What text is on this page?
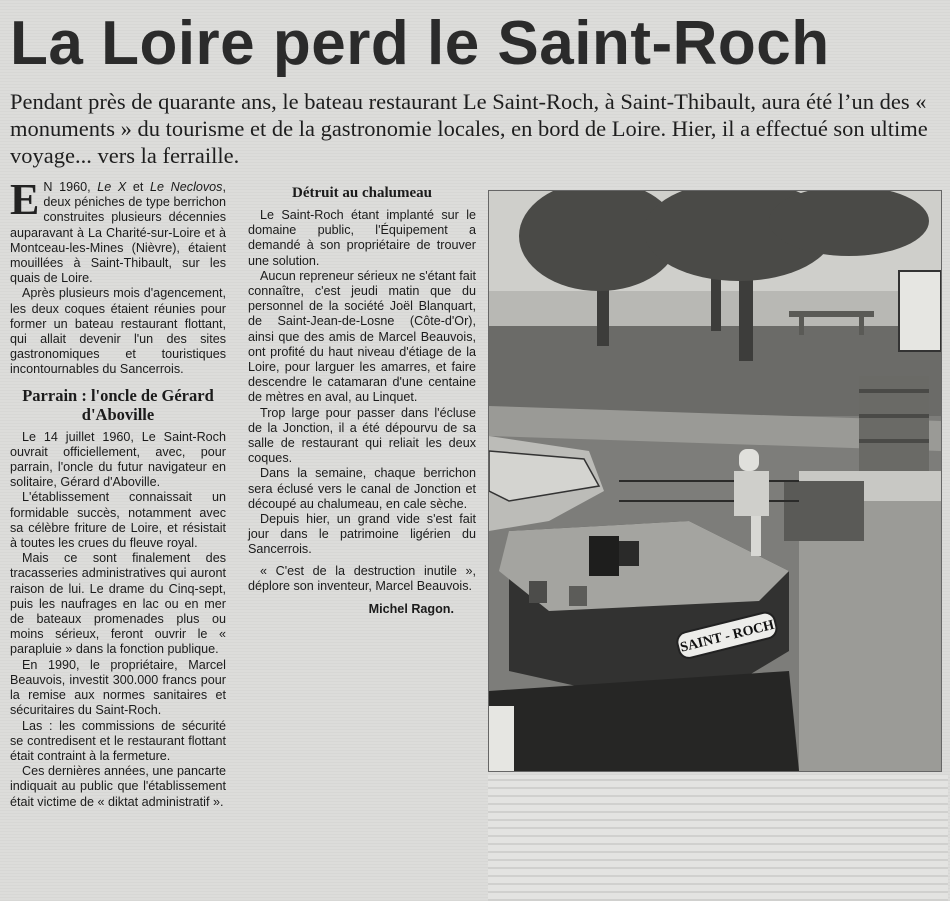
La Loire perd le Saint-Roch
Pendant près de quarante ans, le bateau restaurant Le Saint-Roch, à Saint-Thibault, aura été l’un des « monuments » du tourisme et de la gastronomie locales, en bord de Loire. Hier, il a effectué son ultime voyage... vers la ferraille.

E N 1960, Le X et Le Neclovos, deux péniches de type berrichon construites plusieurs décennies auparavant à La Charité-sur-Loire et à Montceau-les-Mines (Nièvre), étaient mouillées à Saint-Thibault, sur les quais de Loire.

Après plusieurs mois d'agencement, les deux coques étaient réunies pour former un bateau restaurant flottant, qui allait devenir l'un des sites gastronomiques et touristiques incontournables du Sancerrois.

Parrain : l'oncle de Gérard d'Aboville

Le 14 juillet 1960, Le Saint-Roch ouvrait officiellement, avec, pour parrain, l'oncle du futur navigateur en solitaire, Gérard d'Aboville.

L'établissement connaissait un formidable succès, notamment avec sa célèbre friture de Loire, et résistait à toutes les crues du fleuve royal.

Mais ce sont finalement des tracasseries administratives qui auront raison de lui. Le drame du Cinq-sept, puis les naufrages en lac ou en mer de bateaux promenades plus ou moins sérieux, feront ouvrir le « parapluie » dans la fonction publique.

En 1990, le propriétaire, Marcel Beauvois, investit 300.000 francs pour la remise aux normes sanitaires et sécuritaires du Saint-Roch.

Las : les commissions de sécurité se contredisent et le restaurant flottant était contraint à la fermeture.

Ces dernières années, une pancarte indiquait au public que l'établissement était victime de « diktat administratif ».

Détruit au chalumeau

Le Saint-Roch étant implanté sur le domaine public, l'Équipement a demandé à son propriétaire de trouver une solution.

Aucun repreneur sérieux ne s'étant fait connaître, c'est jeudi matin que du personnel de la société Joël Blanquart, de Saint-Jean-de-Losne (Côte-d'Or), ainsi que des amis de Marcel Beauvois, ont profité du haut niveau d'étiage de la Loire, pour larguer les amarres, et faire descendre le catamaran d'une centaine de mètres en aval, au Linquet.

Trop large pour passer dans l'écluse de la Jonction, il a été dépourvu de sa salle de restaurant qui reliait les deux coques.

Dans la semaine, chaque berrichon sera éclusé vers le canal de Jonction et découpé au chalumeau, en cale sèche.

Depuis hier, un grand vide s'est fait jour dans le patrimoine ligérien du Sancerrois.

« C'est de la destruction inutile », déplore son inventeur, Marcel Beauvois.

Michel Ragon.

SAINT - ROCH
